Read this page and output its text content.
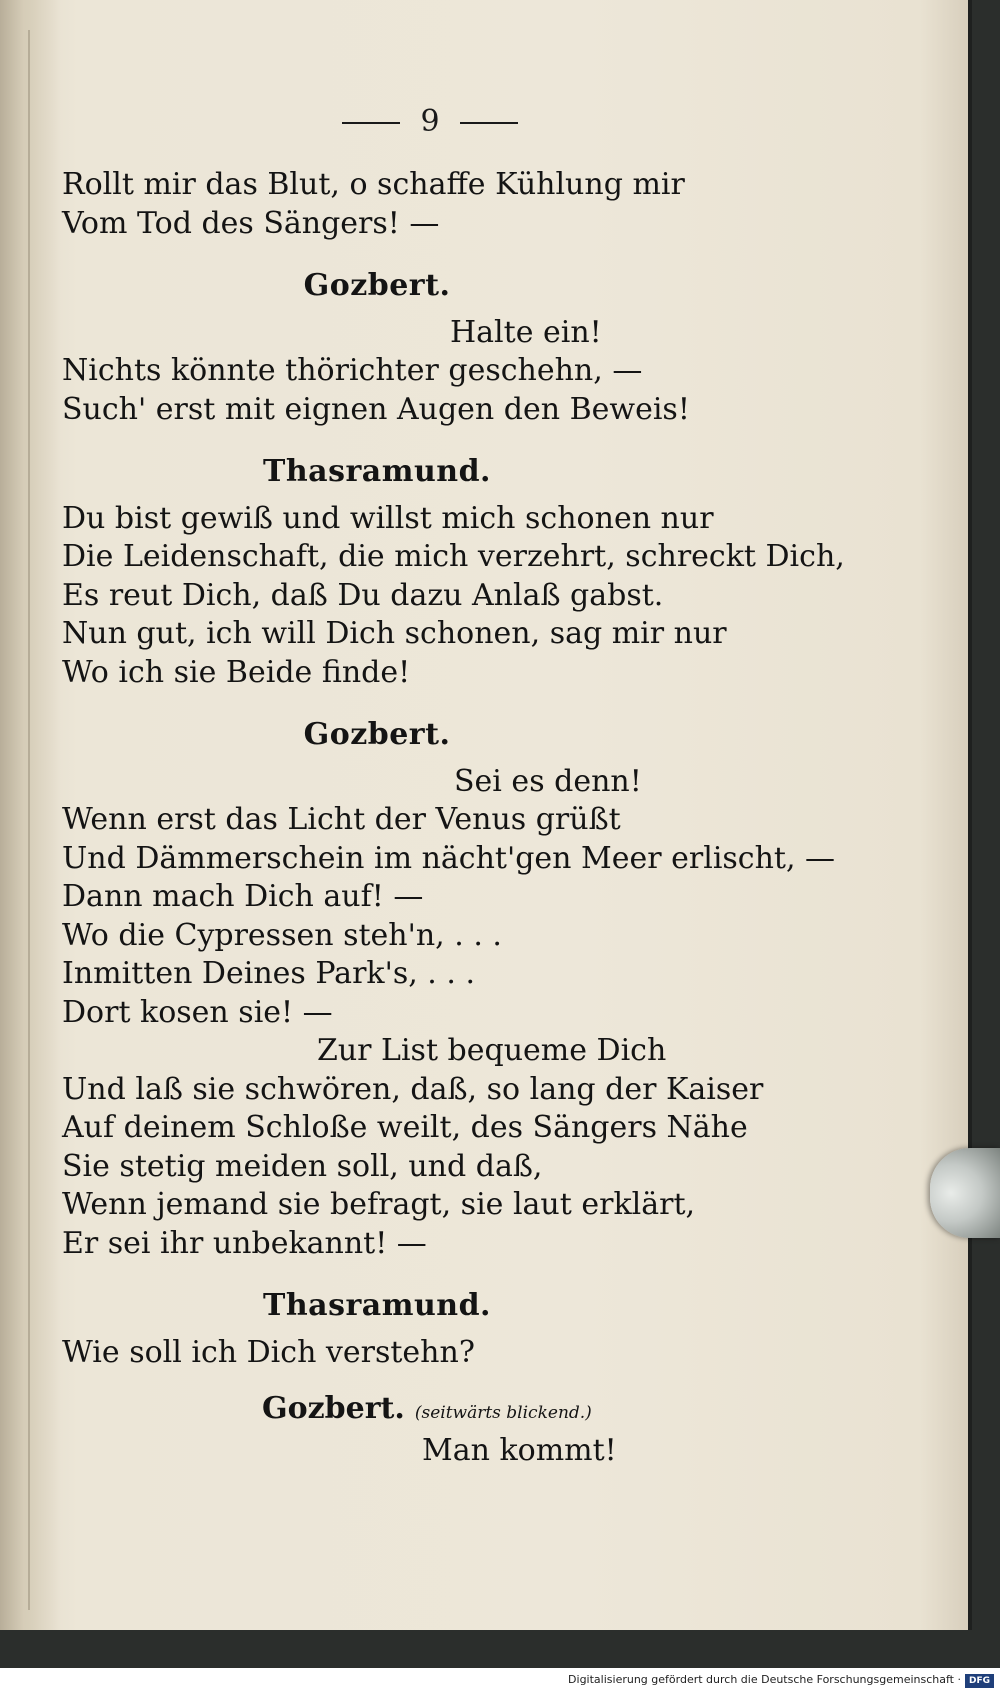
9
Rollt mir das Blut, o schaffe Kühlung mir
Vom Tod des Sängers! —
Gozbert.
Halte ein!
Nichts könnte thörichter geschehn, —
Such' erst mit eignen Augen den Beweis!
Thasramund.
Du bist gewiß und willst mich schonen nur
Die Leidenschaft, die mich verzehrt, schreckt Dich,
Es reut Dich, daß Du dazu Anlaß gabst.
Nun gut, ich will Dich schonen, sag mir nur
Wo ich sie Beide finde!
Gozbert.
Sei es denn!
Wenn erst das Licht der Venus grüßt
Und Dämmerschein im nächt'gen Meer erlischt, —
Dann mach Dich auf! —
Wo die Cypressen steh'n, . . .
Inmitten Deines Park's, . . .
Dort kosen sie! —
Zur List bequeme Dich
Und laß sie schwören, daß, so lang der Kaiser
Auf deinem Schloße weilt, des Sängers Nähe
Sie stetig meiden soll, und daß,
Wenn jemand sie befragt, sie laut erklärt,
Er sei ihr unbekannt! —
Thasramund.
Wie soll ich Dich verstehn?
Gozbert. (seitwärts blickend.)
Man kommt!
Digitalisierung gefördert durch die Deutsche Forschungsgemeinschaft · DFG
